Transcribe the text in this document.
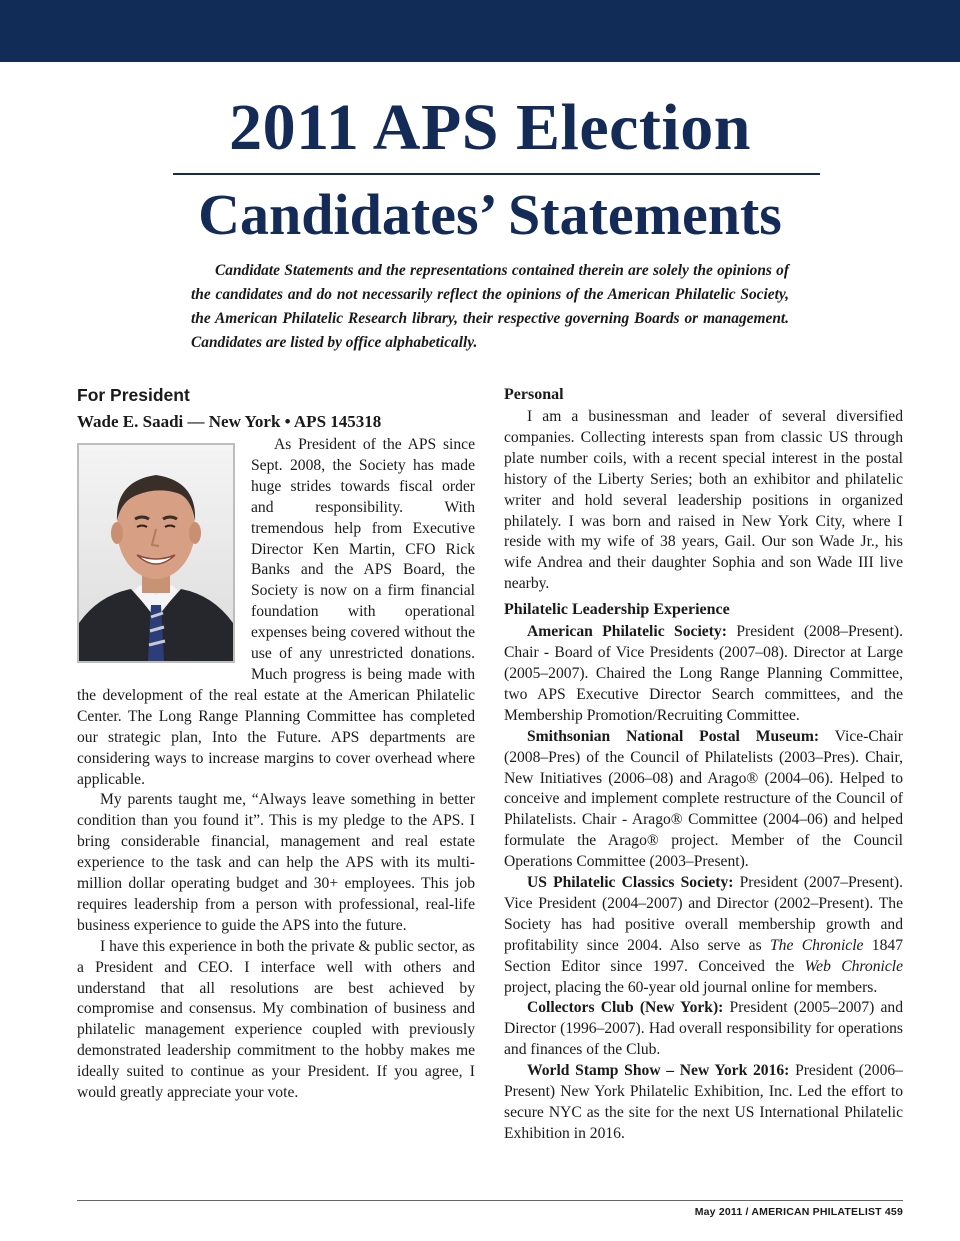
2011 APS Election
Candidates’ Statements

Candidate Statements and the representations contained therein are solely the opinions of the candidates and do not necessarily reflect the opinions of the American Philatelic Society, the American Philatelic Research library, their respective governing Boards or management. Candidates are listed by office alphabetically.

For President
Wade E. Saadi — New York • APS 145318

As President of the APS since Sept. 2008, the Society has made huge strides towards fiscal order and responsibility. With tremendous help from Executive Director Ken Martin, CFO Rick Banks and the APS Board, the Society is now on a firm financial foundation with operational expenses being covered without the use of any unrestricted donations. Much progress is being made with the development of the real estate at the American Philatelic Center. The Long Range Planning Committee has completed our strategic plan, Into the Future. APS departments are considering ways to increase margins to cover overhead where applicable.

My parents taught me, “Always leave something in better condition than you found it”. This is my pledge to the APS. I bring considerable financial, management and real estate experience to the task and can help the APS with its multi-million dollar operating budget and 30+ employees. This job requires leadership from a person with professional, real-life business experience to guide the APS into the future.

I have this experience in both the private & public sector, as a President and CEO. I interface well with others and understand that all resolutions are best achieved by compromise and consensus. My combination of business and philatelic management experience coupled with previously demonstrated leadership commitment to the hobby makes me ideally suited to continue as your President. If you agree, I would greatly appreciate your vote.

Personal

I am a businessman and leader of several diversified companies. Collecting interests span from classic US through plate number coils, with a recent special interest in the postal history of the Liberty Series; both an exhibitor and philatelic writer and hold several leadership positions in organized philately. I was born and raised in New York City, where I reside with my wife of 38 years, Gail. Our son Wade Jr., his wife Andrea and their daughter Sophia and son Wade III live nearby.

Philatelic Leadership Experience

American Philatelic Society: President (2008–Present). Chair - Board of Vice Presidents (2007–08). Director at Large (2005–2007). Chaired the Long Range Planning Committee, two APS Executive Director Search committees, and the Membership Promotion/Recruiting Committee.

Smithsonian National Postal Museum: Vice-Chair (2008–Pres) of the Council of Philatelists (2003–Pres). Chair, New Initiatives (2006–08) and Arago® (2004–06). Helped to conceive and implement complete restructure of the Council of Philatelists. Chair - Arago® Committee (2004–06) and helped formulate the Arago® project. Member of the Council Operations Committee (2003–Present).

US Philatelic Classics Society: President (2007–Present). Vice President (2004–2007) and Director (2002–Present). The Society has had positive overall membership growth and profitability since 2004. Also serve as The Chronicle 1847 Section Editor since 1997. Conceived the Web Chronicle project, placing the 60-year old journal online for members.

Collectors Club (New York): President (2005–2007) and Director (1996–2007). Had overall responsibility for operations and finances of the Club.

World Stamp Show – New York 2016: President (2006–Present) New York Philatelic Exhibition, Inc. Led the effort to secure NYC as the site for the next US International Philatelic Exhibition in 2016.

May 2011 / AMERICAN PHILATELIST 459
